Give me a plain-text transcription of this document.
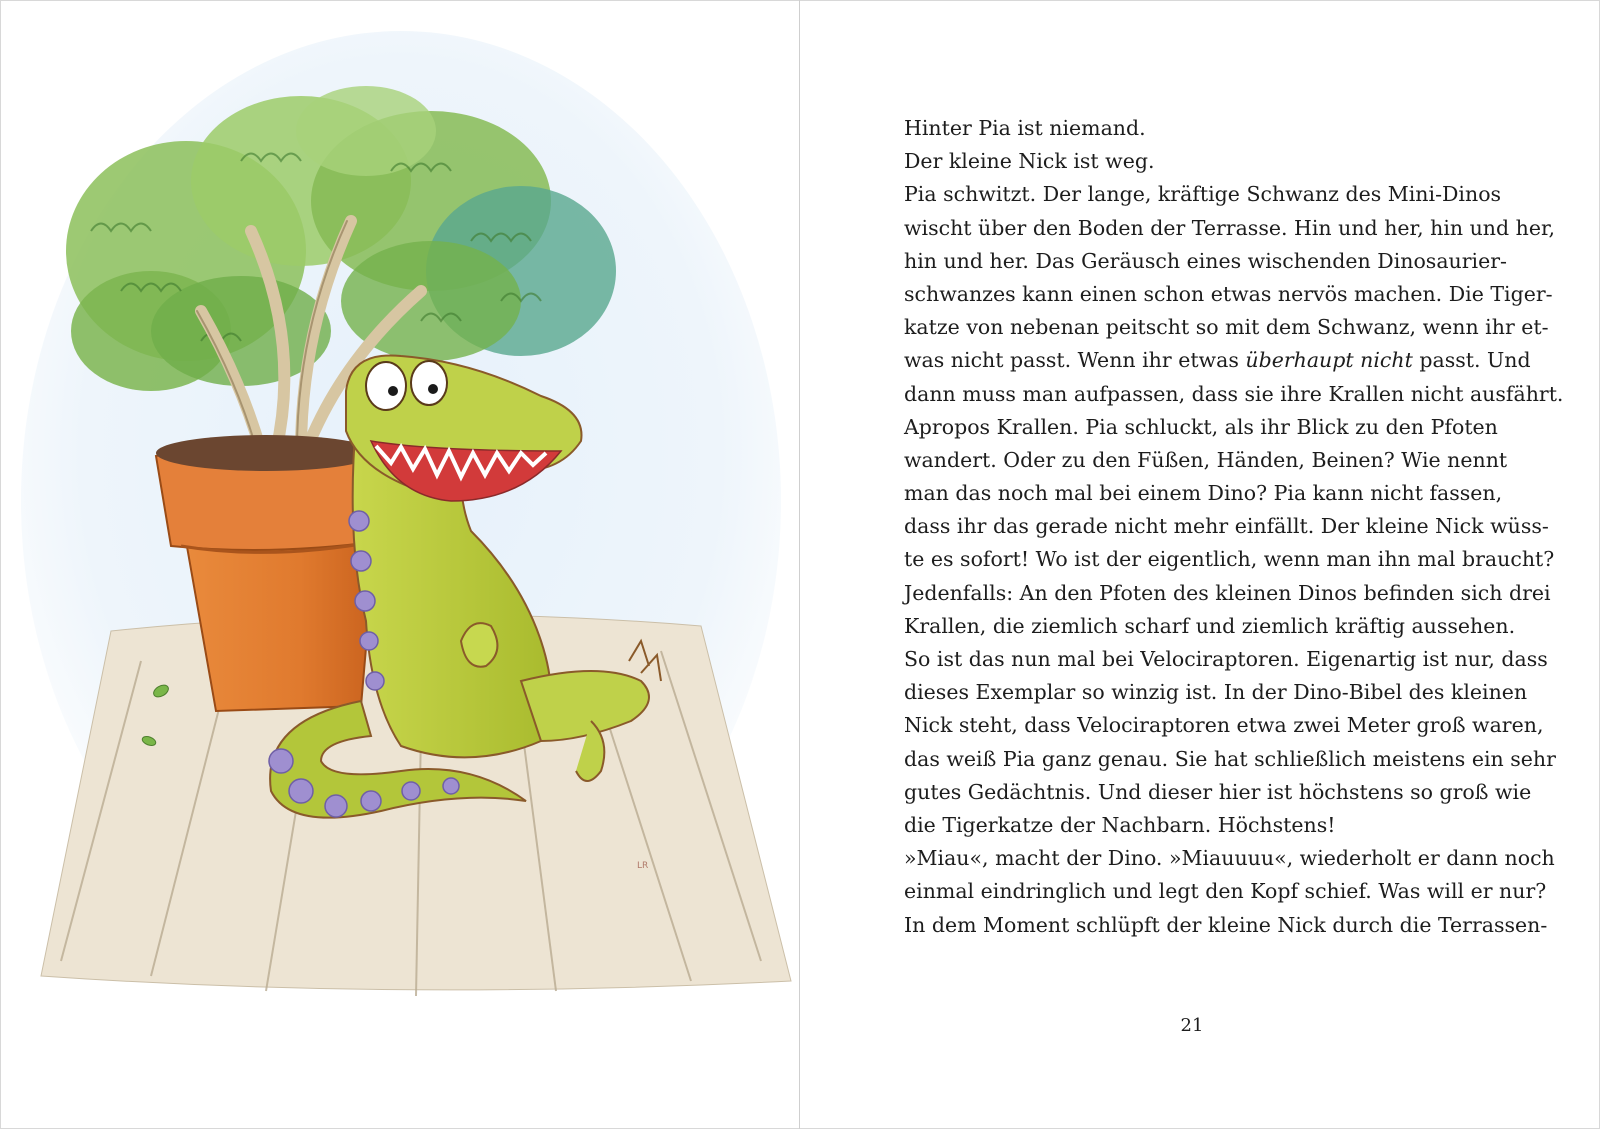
LR
Hinter Pia ist niemand.
Der kleine Nick ist weg.
Pia schwitzt. Der lange, kräftige Schwanz des Mini-Dinos
wischt über den Boden der Terrasse. Hin und her, hin und her,
hin und her. Das Geräusch eines wischenden Dinosaurier-
schwanzes kann einen schon etwas nervös machen. Die Tiger-
katze von nebenan peitscht so mit dem Schwanz, wenn ihr et-
was nicht passt. Wenn ihr etwas überhaupt nicht passt. Und
dann muss man aufpassen, dass sie ihre Krallen nicht ausfährt.
Apropos Krallen. Pia schluckt, als ihr Blick zu den Pfoten
wandert. Oder zu den Füßen, Händen, Beinen? Wie nennt
man das noch mal bei einem Dino? Pia kann nicht fassen,
dass ihr das gerade nicht mehr einfällt. Der kleine Nick wüss-
te es sofort! Wo ist der eigentlich, wenn man ihn mal braucht?
Jedenfalls: An den Pfoten des kleinen Dinos befinden sich drei
Krallen, die ziemlich scharf und ziemlich kräftig aussehen.
So ist das nun mal bei Velociraptoren. Eigenartig ist nur, dass
dieses Exemplar so winzig ist. In der Dino-Bibel des kleinen
Nick steht, dass Velociraptoren etwa zwei Meter groß waren,
das weiß Pia ganz genau. Sie hat schließlich meistens ein sehr
gutes Gedächtnis. Und dieser hier ist höchstens so groß wie
die Tigerkatze der Nachbarn. Höchstens!
»Miau«, macht der Dino. »Miauuuu«, wiederholt er dann noch
einmal eindringlich und legt den Kopf schief. Was will er nur?
In dem Moment schlüpft der kleine Nick durch die Terrassen-
21
